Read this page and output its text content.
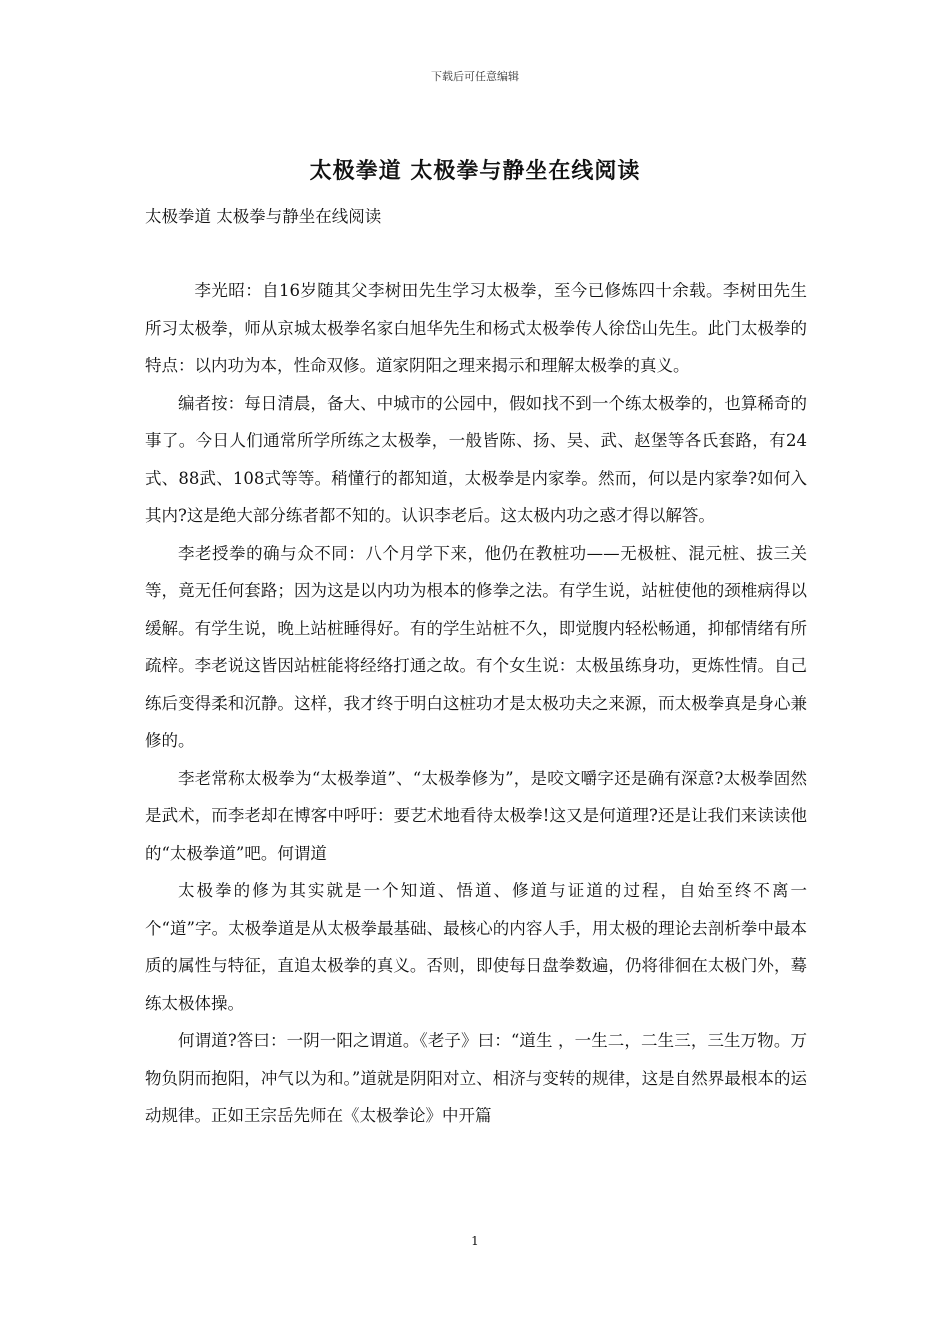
下载后可任意编辑
太极拳道 太极拳与静坐在线阅读
太极拳道 太极拳与静坐在线阅读

李光昭：自16岁随其父李树田先生学习太极拳，至今已修炼四十余载。李树田先生所习太极拳，师从京城太极拳名家白旭华先生和杨式太极拳传人徐岱山先生。此门太极拳的特点：以内功为本，性命双修。道家阴阳之理来揭示和理解太极拳的真义。

编者按：每日清晨，备大、中城市的公园中，假如找不到一个练太极拳的，也算稀奇的事了。今日人们通常所学所练之太极拳，一般皆陈、扬、吴、武、赵堡等各氏套路，有24式、88武、108式等等。稍懂行的都知道，太极拳是内家拳。然而，何以是内家拳?如何入其内?这是绝大部分练者都不知的。认识李老后。这太极内功之惑才得以解答。

李老授拳的确与众不同：八个月学下来，他仍在教桩功——无极桩、混元桩、拔三关等，竟无任何套路；因为这是以内功为根本的修拳之法。有学生说，站桩使他的颈椎病得以缓解。有学生说，晚上站桩睡得好。有的学生站桩不久，即觉腹内轻松畅通，抑郁情绪有所疏梓。李老说这皆因站桩能将经络打通之故。有个女生说：太极虽练身功，更炼性情。自己练后变得柔和沉静。这样，我才终于明白这桩功才是太极功夫之来源，而太极拳真是身心兼修的。

李老常称太极拳为“太极拳道”、“太极拳修为”，是咬文嚼字还是确有深意?太极拳固然是武术，而李老却在博客中呼吁：要艺术地看待太极拳!这又是何道理?还是让我们来读读他的“太极拳道”吧。何谓道

太极拳的修为其实就是一个知道、悟道、修道与证道的过程，自始至终不离一个“道”字。太极拳道是从太极拳最基础、最核心的内容人手，用太极的理论去剖析拳中最本质的属性与特征，直追太极拳的真义。否则，即使每日盘拳数遍，仍将徘徊在太极门外，蓦练太极体操。

何谓道?答曰：一阴一阳之谓道。《老子》曰：“道生 ，一生二，二生三，三生万物。万物负阴而抱阳，冲气以为和。”道就是阴阳对立、相济与变转的规律，这是自然界最根本的运动规律。正如王宗岳先师在《太极拳论》中开篇

1
